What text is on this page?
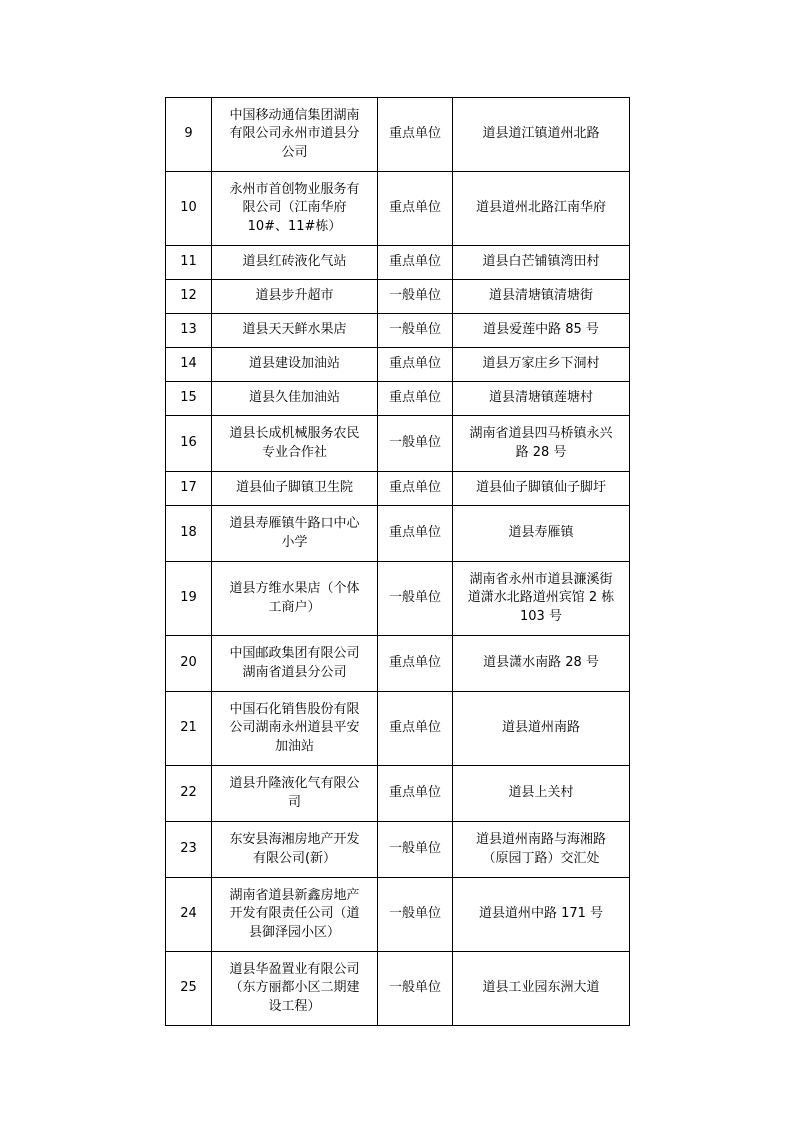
9	中国移动通信集团湖南
有限公司永州市道县分
公司	重点单位	道县道江镇道州北路

10	永州市首创物业服务有
限公司（江南华府
10#、11#栋）	重点单位	道县道州北路江南华府

11	道县红砖液化气站	重点单位	道县白芒铺镇湾田村

12	道县步升超市	一般单位	道县清塘镇清塘街

13	道县天天鲜水果店	一般单位	道县爱莲中路 85 号

14	道县建设加油站	重点单位	道县万家庄乡下洞村

15	道县久佳加油站	重点单位	道县清塘镇莲塘村

16	道县长成机械服务农民
专业合作社	一般单位	湖南省道县四马桥镇永兴
路 28 号

17	道县仙子脚镇卫生院	重点单位	道县仙子脚镇仙子脚圩

18	道县寿雁镇牛路口中心
小学	重点单位	道县寿雁镇

19	道县方维水果店（个体
工商户）	一般单位	湖南省永州市道县濂溪街
道潇水北路道州宾馆 2 栋
103 号

20	中国邮政集团有限公司
湖南省道县分公司	重点单位	道县潇水南路 28 号

21	中国石化销售股份有限
公司湖南永州道县平安
加油站	重点单位	道县道州南路

22	道县升隆液化气有限公
司	重点单位	道县上关村

23	东安县海湘房地产开发
有限公司(新）	一般单位	道县道州南路与海湘路
（原园丁路）交汇处

24	湖南省道县新鑫房地产
开发有限责任公司（道
县御泽园小区）	一般单位	道县道州中路 171 号

25	道县华盈置业有限公司
（东方丽都小区二期建
设工程）	一般单位	道县工业园东洲大道
